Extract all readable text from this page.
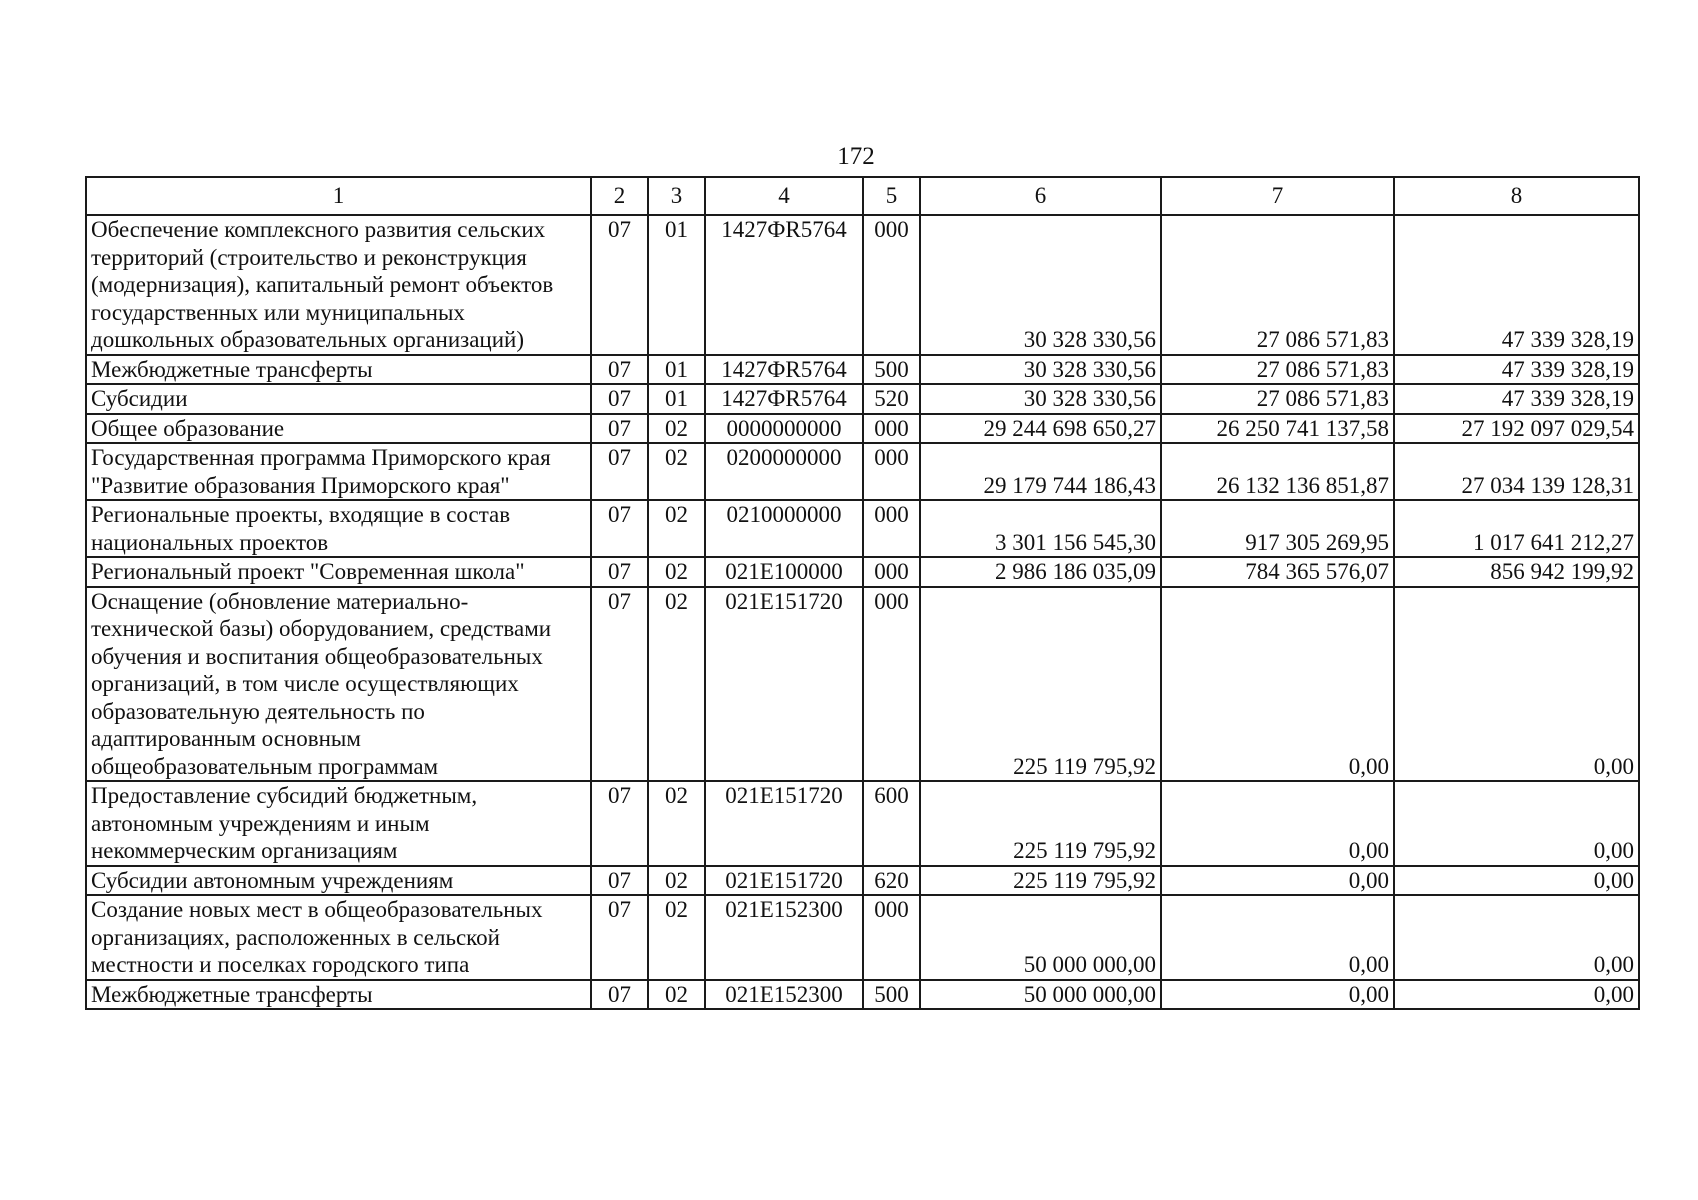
172
1	2	3	4	5	6	7	8
Обеспечение комплексного развития сельских территорий (строительство и реконструкция (модернизация), капитальный ремонт объектов государственных или муниципальных дошкольных образовательных организаций)	07	01	1427ФR5764	000	30 328 330,56	27 086 571,83	47 339 328,19
Межбюджетные трансферты	07	01	1427ФR5764	500	30 328 330,56	27 086 571,83	47 339 328,19
Субсидии	07	01	1427ФR5764	520	30 328 330,56	27 086 571,83	47 339 328,19
Общее образование	07	02	0000000000	000	29 244 698 650,27	26 250 741 137,58	27 192 097 029,54
Государственная программа Приморского края "Развитие образования Приморского края"	07	02	0200000000	000	29 179 744 186,43	26 132 136 851,87	27 034 139 128,31
Региональные проекты, входящие в состав национальных проектов	07	02	0210000000	000	3 301 156 545,30	917 305 269,95	1 017 641 212,27
Региональный проект "Современная школа"	07	02	021E100000	000	2 986 186 035,09	784 365 576,07	856 942 199,92
Оснащение (обновление материально-технической базы) оборудованием, средствами обучения и воспитания общеобразовательных организаций, в том числе осуществляющих образовательную деятельность по адаптированным основным общеобразовательным программам	07	02	021E151720	000	225 119 795,92	0,00	0,00
Предоставление субсидий бюджетным, автономным учреждениям и иным некоммерческим организациям	07	02	021E151720	600	225 119 795,92	0,00	0,00
Субсидии автономным учреждениям	07	02	021E151720	620	225 119 795,92	0,00	0,00
Создание новых мест в общеобразовательных организациях, расположенных в сельской местности и поселках городского типа	07	02	021E152300	000	50 000 000,00	0,00	0,00
Межбюджетные трансферты	07	02	021E152300	500	50 000 000,00	0,00	0,00
